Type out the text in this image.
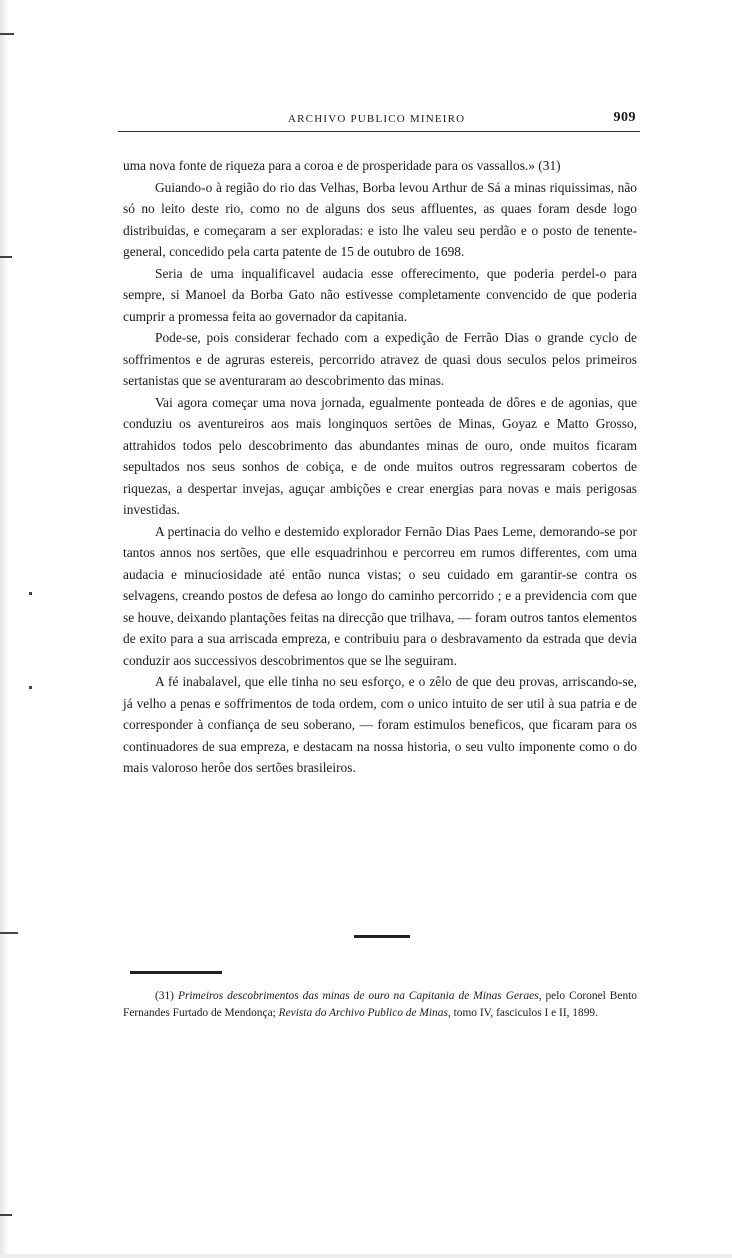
ARCHIVO PUBLICO MINEIRO	909

uma nova fonte de riqueza para a coroa e de prosperidade para os vassallos.» (31)

Guiando-o à região do rio das Velhas, Borba levou Arthur de Sá a minas riquissimas, não só no leito deste rio, como no de alguns dos seus affluentes, as quaes foram desde logo distribuidas, e começaram a ser exploradas: e isto lhe valeu seu perdão e o posto de tenente-general, concedido pela carta patente de 15 de outubro de 1698.

Seria de uma inqualificavel audacia esse offerecimento, que poderia perdel-o para sempre, si Manoel da Borba Gato não estivesse completamente convencido de que poderia cumprir a promessa feita ao governador da capitania.

Pode-se, pois considerar fechado com a expedição de Ferrão Dias o grande cyclo de soffrimentos e de agruras estereis, percorrido atravez de quasi dous seculos pelos primeiros sertanistas que se aventuraram ao descobrimento das minas.

Vai agora começar uma nova jornada, egualmente ponteada de dôres e de agonias, que conduziu os aventureiros aos mais longinquos sertões de Minas, Goyaz e Matto Grosso, attrahidos todos pelo descobrimento das abundantes minas de ouro, onde muitos ficaram sepultados nos seus sonhos de cobiça, e de onde muitos outros regressaram cobertos de riquezas, a despertar invejas, aguçar ambições e crear energias para novas e mais perigosas investidas.

A pertinacia do velho e destemido explorador Fernão Dias Paes Leme, demorando-se por tantos annos nos sertões, que elle esquadrinhou e percorreu em rumos differentes, com uma audacia e minuciosidade até então nunca vistas; o seu cuidado em garantir-se contra os selvagens, creando postos de defesa ao longo do caminho percorrido ; e a previdencia com que se houve, deixando plantações feitas na direcção que trilhava, — foram outros tantos elementos de exito para a sua arriscada empreza, e contribuiu para o desbravamento da estrada que devia conduzir aos successivos descobrimentos que se lhe seguiram.

A fé inabalavel, que elle tinha no seu esforço, e o zêlo de que deu provas, arriscando-se, já velho a penas e soffrimentos de toda ordem, com o unico intuito de ser util à sua patria e de corresponder à confiança de seu soberano, — foram estimulos beneficos, que ficaram para os continuadores de sua empreza, e destacam na nossa historia, o seu vulto imponente como o do mais valoroso herôe dos sertões brasileiros.

(31) Primeiros descobrimentos das minas de ouro na Capitania de Minas Geraes, pelo Coronel Bento Fernandes Furtado de Mendonça; Revista do Archivo Publico de Minas, tomo IV, fasciculos I e II, 1899.
